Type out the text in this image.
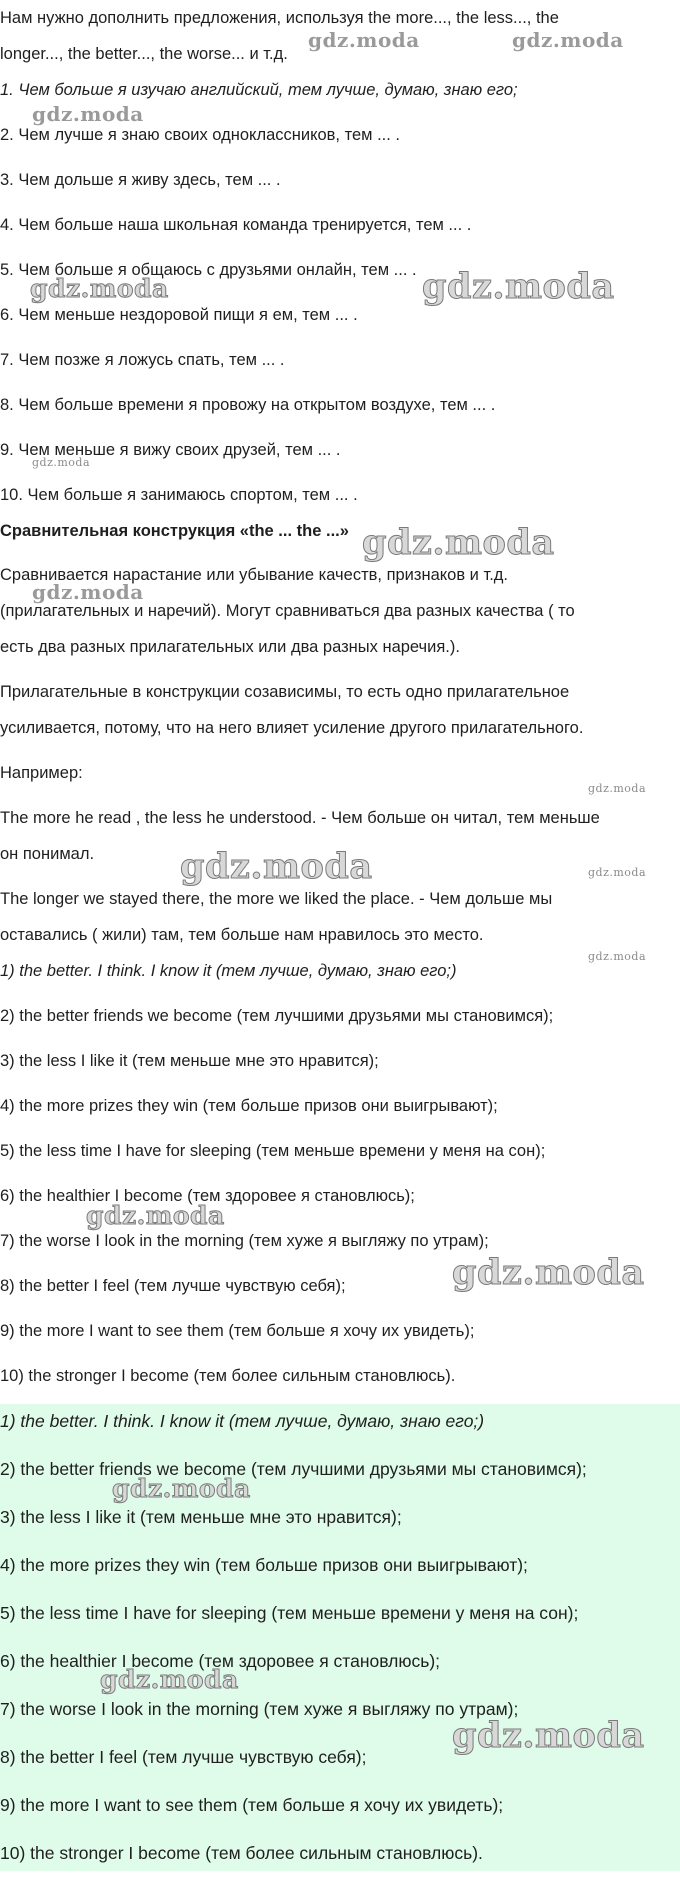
Нам нужно дополнить предложения, используя the more..., the less..., the

longer..., the better..., the worse... и т.д.

1. Чем больше я изучаю английский, тем лучше, думаю, знаю его;

2. Чем лучше я знаю своих одноклассников, тем ... .

3. Чем дольше я живу здесь, тем ... .

4. Чем больше наша школьная команда тренируется, тем ... .

5. Чем больше я общаюсь с друзьями онлайн, тем ... .

6. Чем меньше нездоровой пищи я ем, тем ... .

7. Чем позже я ложусь спать, тем ... .

8. Чем больше времени я провожу на открытом воздухе, тем ... .

9. Чем меньше я вижу своих друзей, тем ... .

10. Чем больше я занимаюсь спортом, тем ... .

Сравнительная конструкция «the ... the ...»

Сравнивается нарастание или убывание качеств, признаков и т.д.

(прилагательных и наречий). Могут сравниваться два разных качества ( то

есть два разных прилагательных или два разных наречия.).

Прилагательные в конструкции созависимы, то есть одно прилагательное

усиливается, потому, что на него влияет усиление другого прилагательного.

Например:

The more he read , the less he understood. - Чем больше он читал, тем меньше

он понимал.

The longer we stayed there, the more we liked the place. - Чем дольше мы

оставались ( жили) там, тем больше нам нравилось это место.

1) the better. I think. I know it (тем лучше, думаю, знаю его;)

2) the better friends we become (тем лучшими друзьями мы становимся);

3) the less I like it (тем меньше мне это нравится);

4) the more prizes they win (тем больше призов они выигрывают);

5) the less time I have for sleeping (тем меньше времени у меня на сон);

6) the healthier I become (тем здоровее я становлюсь);

7) the worse I look in the morning (тем хуже я выгляжу по утрам);

8) the better I feel (тем лучше чувствую себя);

9) the more I want to see them (тем больше я хочу их увидеть);

10) the stronger I become (тем более сильным становлюсь).

1) the better. I think. I know it (тем лучше, думаю, знаю его;)

2) the better friends we become (тем лучшими друзьями мы становимся);

3) the less I like it (тем меньше мне это нравится);

4) the more prizes they win (тем больше призов они выигрывают);

5) the less time I have for sleeping (тем меньше времени у меня на сон);

6) the healthier I become (тем здоровее я становлюсь);

7) the worse I look in the morning (тем хуже я выгляжу по утрам);

8) the better I feel (тем лучше чувствую себя);

9) the more I want to see them (тем больше я хочу их увидеть);

10) the stronger I become (тем более сильным становлюсь).

gdz.moda	gdz.moda

gdz.moda

gdz.moda	gdz.moda

gdz.moda

gdz.moda

gdz.moda

gdz.moda

gdz.moda	gdz.moda

gdz.moda

gdz.moda

gdz.moda

gdz.moda

gdz.moda

gdz.moda
